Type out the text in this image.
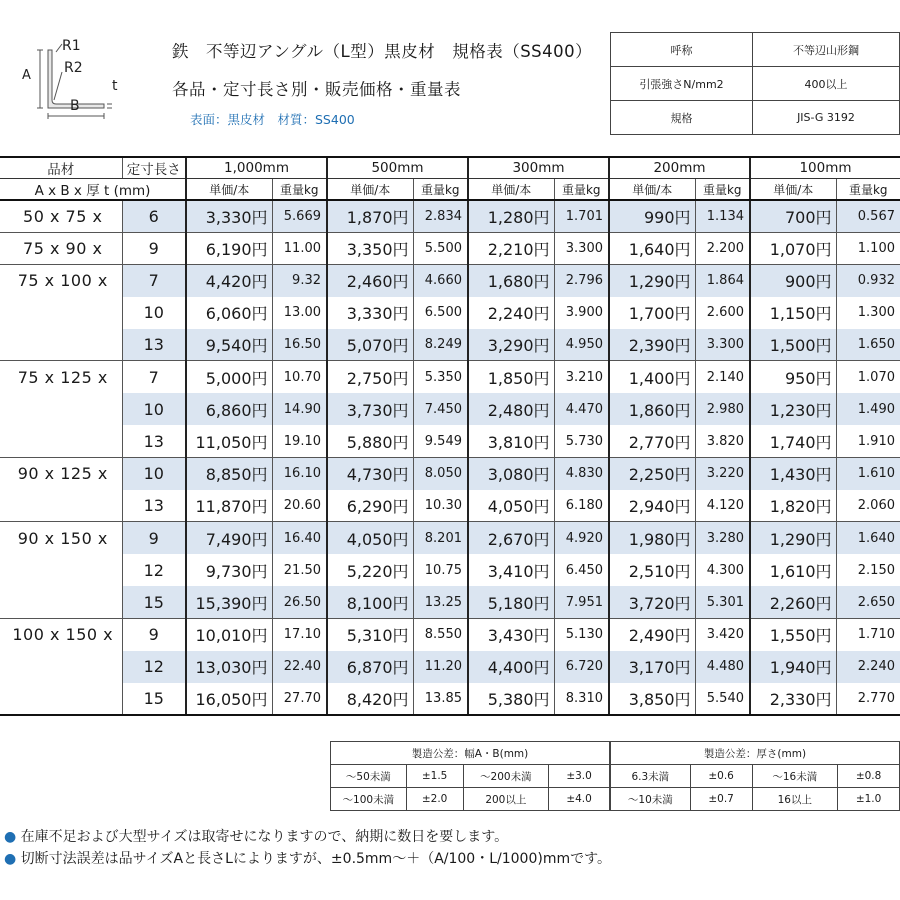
R1
R2
A
B
t
鉄　不等辺アングル（L型）黒皮材　規格表（SS400）
各品・定寸長さ別・販売価格・重量表
表面：黒皮材　材質：SS400
呼称	不等辺山形鋼
引張強さN/mm2	400以上
規格	JIS-G 3192
品材	定寸長さ	1,000mm		500mm		300mm		200mm		100mm	
A x B x 厚 t (mm)		単価/本	重量kg	単価/本	重量kg	単価/本	重量kg	単価/本	重量kg	単価/本	重量kg
50 x 75 x	6	3,330円	5.669	1,870円	2.834	1,280円	1.701	990円	1.134	700円	0.567
75 x 90 x	9	6,190円	11.00	3,350円	5.500	2,210円	3.300	1,640円	2.200	1,070円	1.100
75 x 100 x	7	4,420円	9.32	2,460円	4.660	1,680円	2.796	1,290円	1.864	900円	0.932
	10	6,060円	13.00	3,330円	6.500	2,240円	3.900	1,700円	2.600	1,150円	1.300
	13	9,540円	16.50	5,070円	8.249	3,290円	4.950	2,390円	3.300	1,500円	1.650
75 x 125 x	7	5,000円	10.70	2,750円	5.350	1,850円	3.210	1,400円	2.140	950円	1.070
	10	6,860円	14.90	3,730円	7.450	2,480円	4.470	1,860円	2.980	1,230円	1.490
	13	11,050円	19.10	5,880円	9.549	3,810円	5.730	2,770円	3.820	1,740円	1.910
90 x 125 x	10	8,850円	16.10	4,730円	8.050	3,080円	4.830	2,250円	3.220	1,430円	1.610
	13	11,870円	20.60	6,290円	10.30	4,050円	6.180	2,940円	4.120	1,820円	2.060
90 x 150 x	9	7,490円	16.40	4,050円	8.201	2,670円	4.920	1,980円	3.280	1,290円	1.640
	12	9,730円	21.50	5,220円	10.75	3,410円	6.450	2,510円	4.300	1,610円	2.150
	15	15,390円	26.50	8,100円	13.25	5,180円	7.951	3,720円	5.301	2,260円	2.650
100 x 150 x	9	10,010円	17.10	5,310円	8.550	3,430円	5.130	2,490円	3.420	1,550円	1.710
	12	13,030円	22.40	6,870円	11.20	4,400円	6.720	3,170円	4.480	1,940円	2.240
	15	16,050円	27.70	8,420円	13.85	5,380円	8.310	3,850円	5.540	2,330円	2.770
製造公差：幅A・B(mm)			
～50未満	±1.5	～200未満	±3.0
～100未満	±2.0	200以上	±4.0
製造公差：厚さ(mm)			
6.3未満	±0.6	～16未満	±0.8
～10未満	±0.7	16以上	±1.0
● 在庫不足および大型サイズは取寄せになりますので、納期に数日を要します。
● 切断寸法誤差は品サイズAと長さLによりますが、±0.5mm～＋（A/100・L/1000)mmです。
